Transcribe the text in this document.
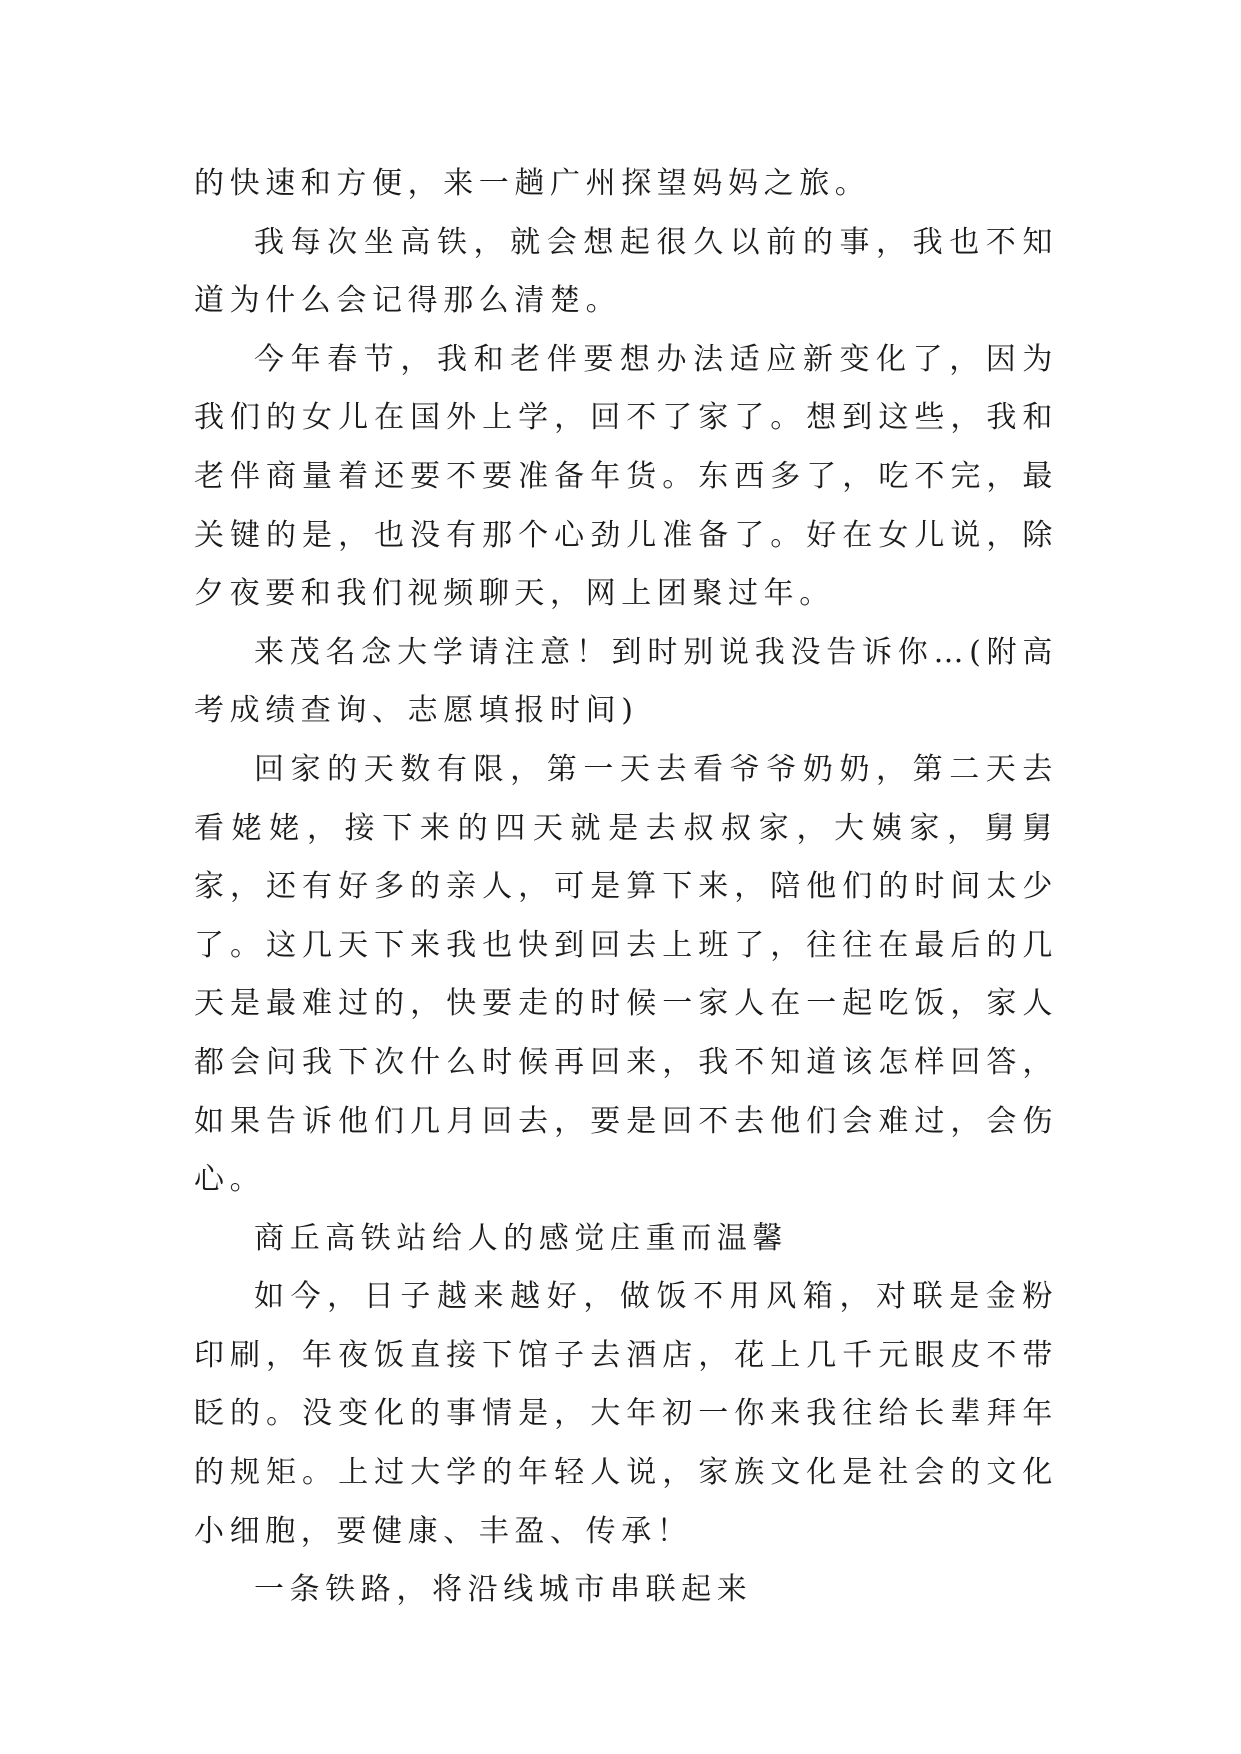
的快速和方便，来一趟广州探望妈妈之旅。

我每次坐高铁，就会想起很久以前的事，我也不知道为什么会记得那么清楚。

今年春节，我和老伴要想办法适应新变化了，因为我们的女儿在国外上学，回不了家了。想到这些，我和老伴商量着还要不要准备年货。东西多了，吃不完，最关键的是，也没有那个心劲儿准备了。好在女儿说，除夕夜要和我们视频聊天，网上团聚过年。

来茂名念大学请注意！到时别说我没告诉你…(附高考成绩查询、志愿填报时间)

回家的天数有限，第一天去看爷爷奶奶，第二天去看姥姥，接下来的四天就是去叔叔家，大姨家，舅舅家，还有好多的亲人，可是算下来，陪他们的时间太少了。这几天下来我也快到回去上班了，往往在最后的几天是最难过的，快要走的时候一家人在一起吃饭，家人都会问我下次什么时候再回来，我不知道该怎样回答，如果告诉他们几月回去，要是回不去他们会难过，会伤心。

商丘高铁站给人的感觉庄重而温馨

如今，日子越来越好，做饭不用风箱，对联是金粉印刷，年夜饭直接下馆子去酒店，花上几千元眼皮不带眨的。没变化的事情是，大年初一你来我往给长辈拜年的规矩。上过大学的年轻人说，家族文化是社会的文化小细胞，要健康、丰盈、传承！

一条铁路，将沿线城市串联起来
